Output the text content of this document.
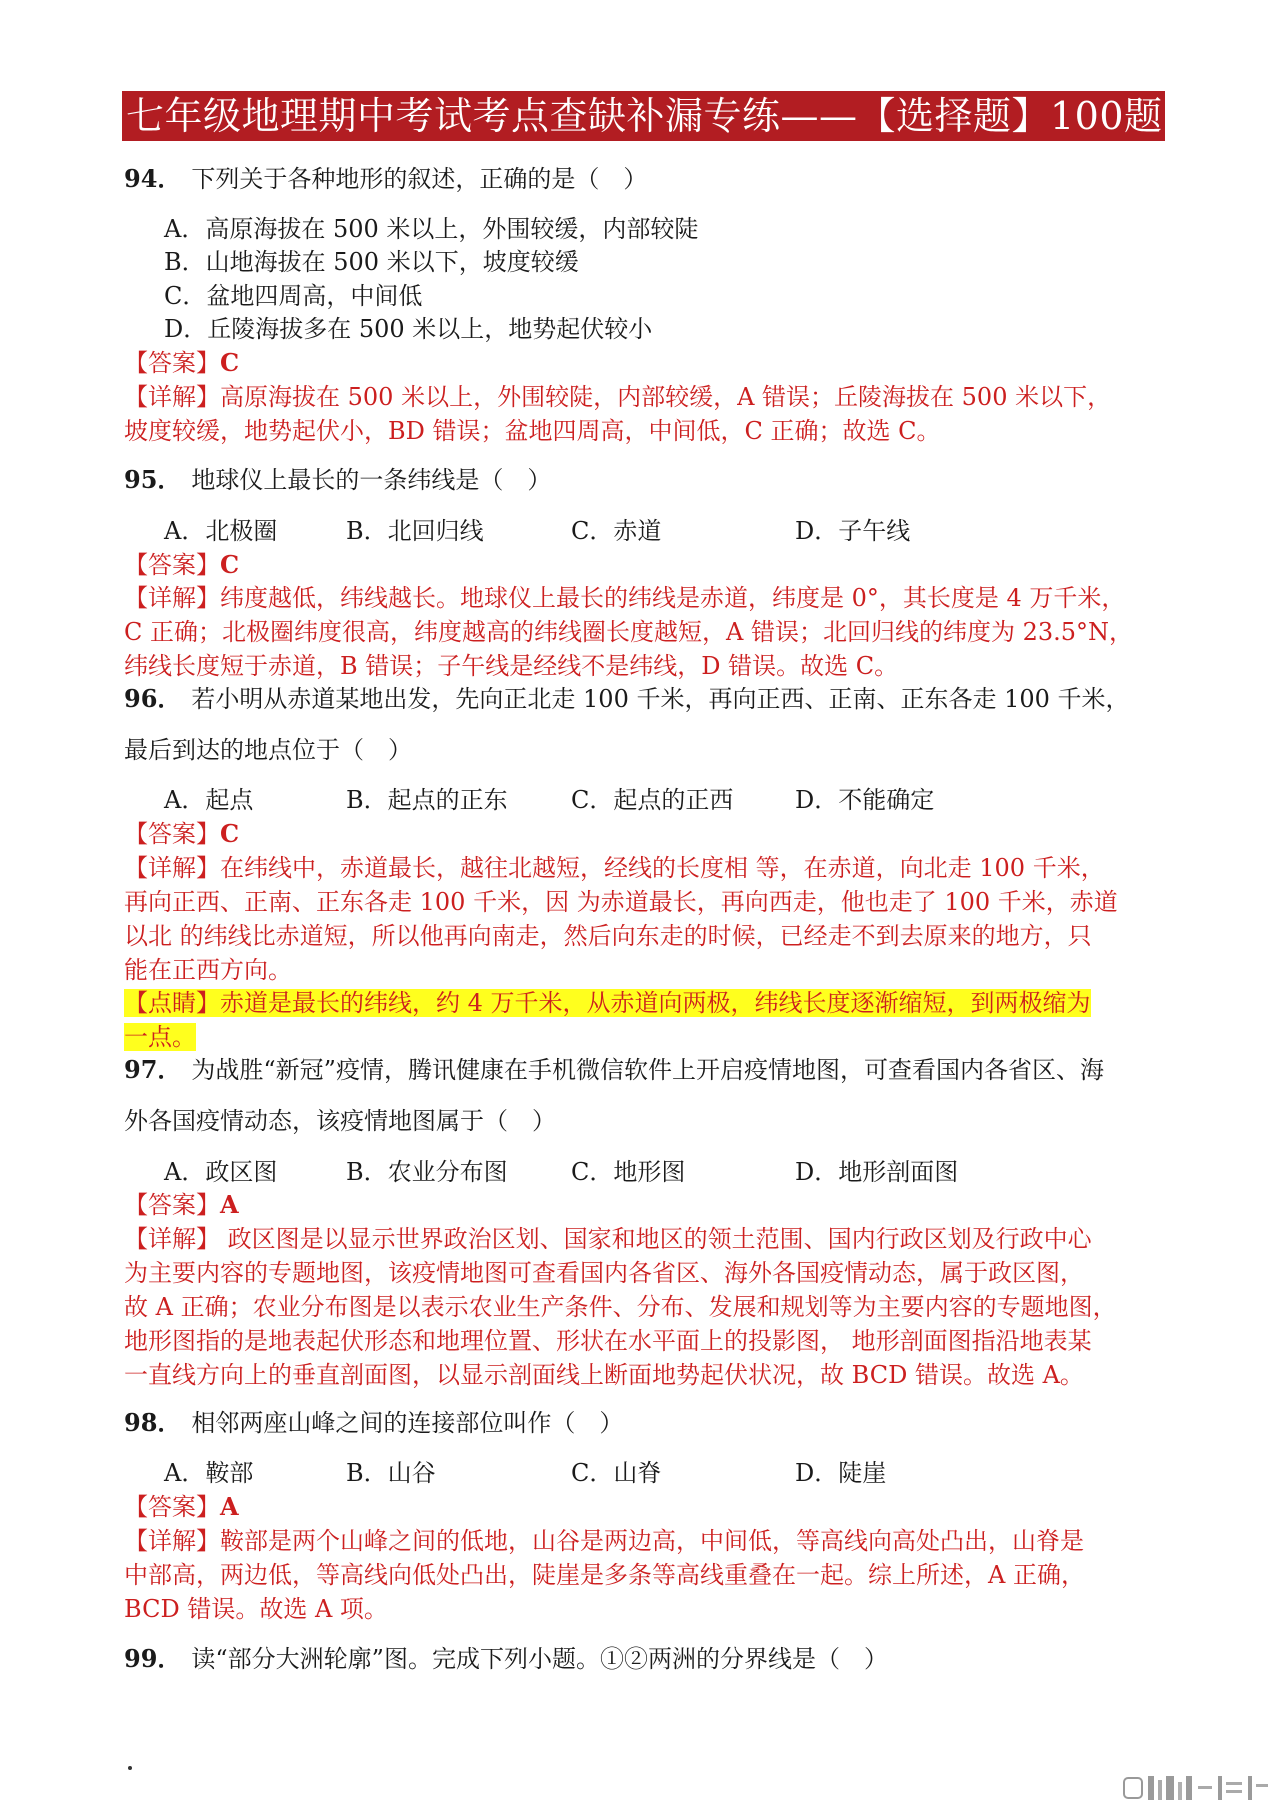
七年级地理期中考试考点查缺补漏专练——【选择题】100题
94． 下列关于各种地形的叙述，正确的是（　）
A．高原海拔在 500 米以上，外围较缓，内部较陡
B．山地海拔在 500 米以下，坡度较缓
C．盆地四周高，中间低
D．丘陵海拔多在 500 米以上，地势起伏较小
【答案】C
【详解】高原海拔在 500 米以上，外围较陡，内部较缓，A 错误；丘陵海拔在 500 米以下，
坡度较缓，地势起伏小，BD 错误；盆地四周高，中间低，C 正确；故选 C。
95． 地球仪上最长的一条纬线是（　）
A．北极圈	B．北回归线	C．赤道	D．子午线
【答案】C
【详解】纬度越低，纬线越长。地球仪上最长的纬线是赤道，纬度是 0°，其长度是 4 万千米，
C 正确；北极圈纬度很高，纬度越高的纬线圈长度越短，A 错误；北回归线的纬度为 23.5°N，
纬线长度短于赤道，B 错误；子午线是经线不是纬线，D 错误。故选 C。
96． 若小明从赤道某地出发，先向正北走 100 千米，再向正西、正南、正东各走 100 千米，
最后到达的地点位于（　）
A．起点	B．起点的正东	C．起点的正西	D．不能确定
【答案】C
【详解】在纬线中，赤道最长，越往北越短，经线的长度相 等，在赤道，向北走 100 千米，
再向正西、正南、正东各走 100 千米，因 为赤道最长，再向西走，他也走了 100 千米，赤道
以北 的纬线比赤道短，所以他再向南走，然后向东走的时候，已经走不到去原来的地方，只
能在正西方向。
【点睛】赤道是最长的纬线，约 4 万千米，从赤道向两极，纬线长度逐渐缩短，到两极缩为
一点。
97． 为战胜“新冠”疫情，腾讯健康在手机微信软件上开启疫情地图，可查看国内各省区、海
外各国疫情动态，该疫情地图属于（　）
A．政区图	B．农业分布图	C．地形图	D．地形剖面图
【答案】A
【详解】 政区图是以显示世界政治区划、国家和地区的领土范围、国内行政区划及行政中心
为主要内容的专题地图，该疫情地图可查看国内各省区、海外各国疫情动态，属于政区图，
故 A 正确；农业分布图是以表示农业生产条件、分布、发展和规划等为主要内容的专题地图，
地形图指的是地表起伏形态和地理位置、形状在水平面上的投影图， 地形剖面图指沿地表某
一直线方向上的垂直剖面图，以显示剖面线上断面地势起伏状况，故 BCD 错误。故选 A。
98． 相邻两座山峰之间的连接部位叫作（　）
A．鞍部	B．山谷	C．山脊	D．陡崖
【答案】A
【详解】鞍部是两个山峰之间的低地，山谷是两边高，中间低，等高线向高处凸出，山脊是
中部高，两边低，等高线向低处凸出，陡崖是多条等高线重叠在一起。综上所述，A 正确，
BCD 错误。故选 A 项。
99． 读“部分大洲轮廓”图。完成下列小题。①②两洲的分界线是（　）
